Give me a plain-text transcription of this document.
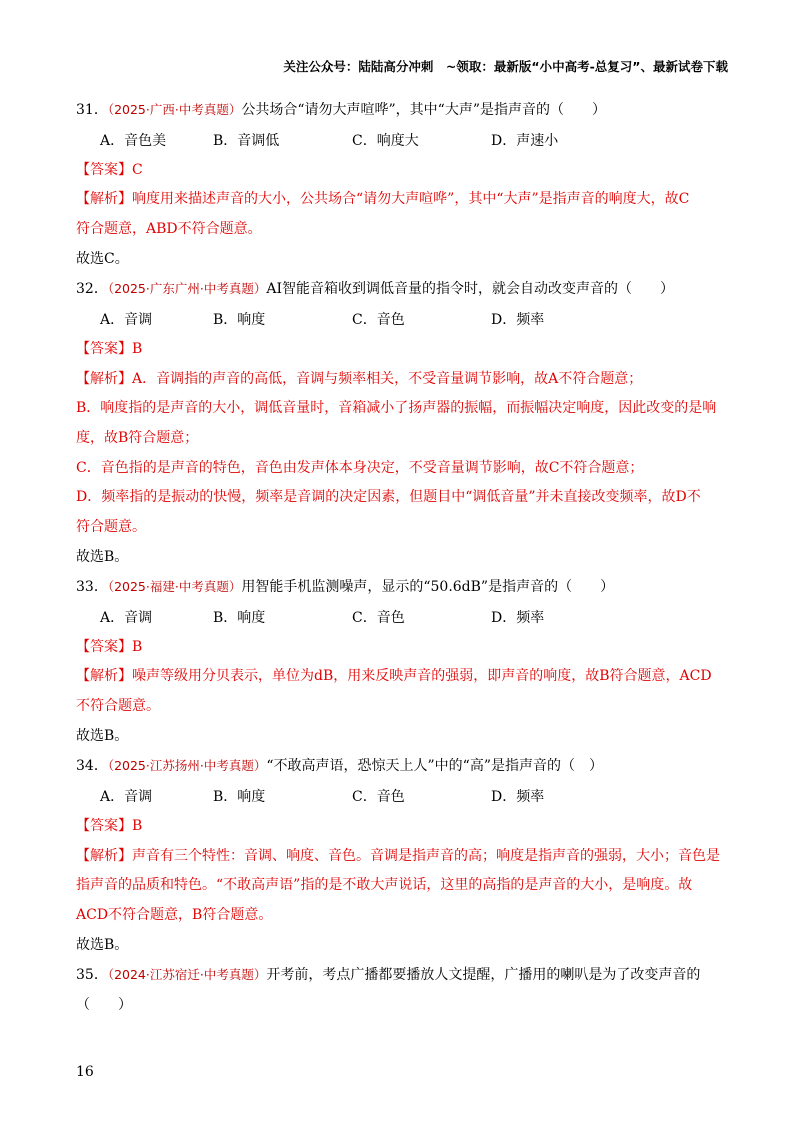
关注公众号：陆陆高分冲刺　~领取：最新版“小中高考-总复习”、最新试卷下载
31．（2025·广西·中考真题）公共场合“请勿大声喧哗”，其中“大声”是指声音的（　　）
A．音色美	B．音调低	C．响度大	D．声速小
【答案】C
【解析】响度用来描述声音的大小，公共场合“请勿大声喧哗”，其中“大声”是指声音的响度大，故C
符合题意，ABD不符合题意。
故选C。
32．（2025·广东广州·中考真题）AI智能音箱收到调低音量的指令时，就会自动改变声音的（　　）
A．音调	B．响度	C．音色	D．频率
【答案】B
【解析】A．音调指的声音的高低，音调与频率相关，不受音量调节影响，故A不符合题意；
B．响度指的是声音的大小，调低音量时，音箱减小了扬声器的振幅，而振幅决定响度，因此改变的是响
度，故B符合题意；
C．音色指的是声音的特色，音色由发声体本身决定，不受音量调节影响，故C不符合题意；
D．频率指的是振动的快慢，频率是音调的决定因素，但题目中“调低音量”并未直接改变频率，故D不
符合题意。
故选B。
33．（2025·福建·中考真题）用智能手机监测噪声，显示的“50.6dB”是指声音的（　　）
A．音调	B．响度	C．音色	D．频率
【答案】B
【解析】噪声等级用分贝表示，单位为dB，用来反映声音的强弱，即声音的响度，故B符合题意，ACD
不符合题意。
故选B。
34．（2025·江苏扬州·中考真题）“不敢高声语，恐惊天上人”中的“高”是指声音的（　）
A．音调	B．响度	C．音色	D．频率
【答案】B
【解析】声音有三个特性：音调、响度、音色。音调是指声音的高；响度是指声音的强弱，大小；音色是
指声音的品质和特色。“不敢高声语”指的是不敢大声说话，这里的高指的是声音的大小，是响度。故
ACD不符合题意，B符合题意。
故选B。
35．（2024·江苏宿迁·中考真题）开考前，考点广播都要播放人文提醒，广播用的喇叭是为了改变声音的
（　　）
16
